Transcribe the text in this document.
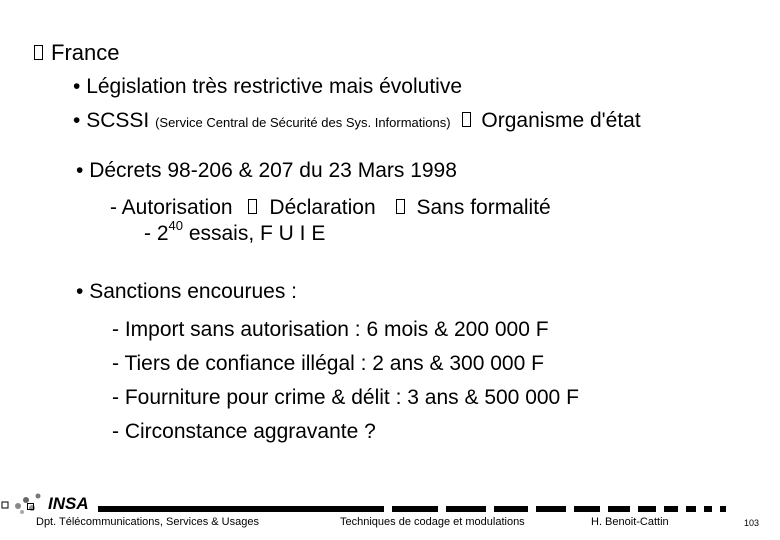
France
• Législation très restrictive mais évolutive
• SCSSI (Service Central de Sécurité des Sys. Informations) Organisme d'état
• Décrets 98-206 & 207 du 23 Mars 1998
- Autorisation Déclaration Sans formalité
- $2^{40}$ essais, F U I E
• Sanctions encourues :
- Import sans autorisation : 6 mois & 200 000 F
- Tiers de confiance illégal : 2 ans & 300 000 F
- Fourniture pour crime & délit : 3 ans & 500 000 F
- Circonstance aggravante ?
INSA
Dpt. Télécommunications, Services & Usages	Techniques de codage et modulations	H. Benoit-Cattin	103
